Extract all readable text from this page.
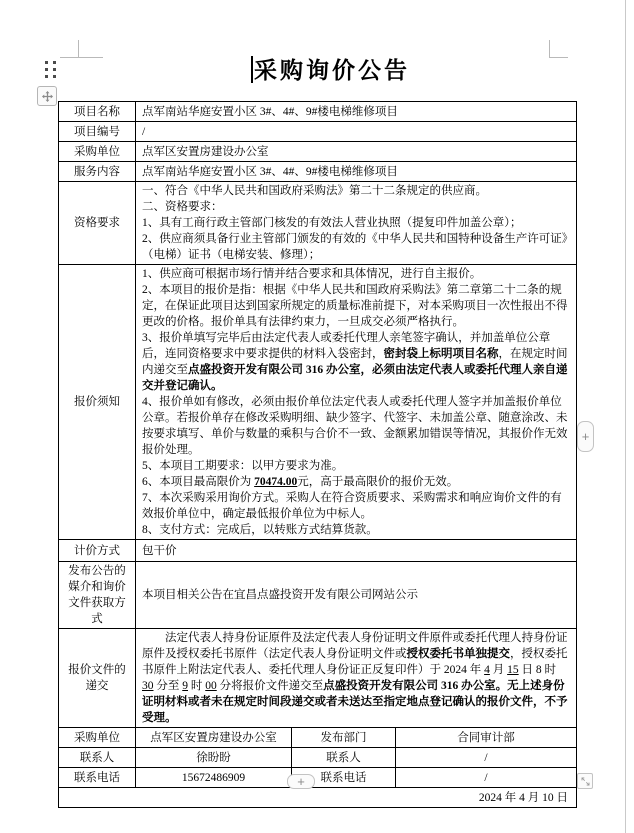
采购询价公告
项目名称	点军南站华庭安置小区 3#、4#、9#楼电梯维修项目		
项目编号	/		
采购单位	点军区安置房建设办公室		
服务内容	点军南站华庭安置小区 3#、4#、9#楼电梯维修项目		
资格要求	一、符合《中华人民共和国政府采购法》第二十二条规定的供应商。
二、资格要求：
1、具有工商行政主管部门核发的有效法人营业执照（提复印件加盖公章）；
2、供应商须具备行业主管部门颁发的有效的《中华人民共和国特种设备生产许可证》（电梯）证书（电梯安装、修理）；		

报价须知	
1、供应商可根据市场行情并结合要求和具体情况，进行自主报价。
2、本项目的报价是指：根据《中华人民共和国政府采购法》第二章第二十二条的规定，在保证此项目达到国家所规定的质量标准前提下，对本采购项目一次性报出不得更改的价格。报价单具有法律约束力，一旦成交必须严格执行。
3、报价单填写完毕后由法定代表人或委托代理人亲笔签字确认，并加盖单位公章后，连同资格要求中要求提供的材料入袋密封，密封袋上标明项目名称，在规定时间内递交至点盛投资开发有限公司 316 办公室，必须由法定代表人或委托代理人亲自递交并登记确认。
4、报价单如有修改，必须由报价单位法定代表人或委托代理人签字并加盖报价单位公章。若报价单存在修改采购明细、缺少签字、代签字、未加盖公章、随意涂改、未按要求填写、单价与数量的乘积与合价不一致、金额累加错误等情况，其报价作无效报价处理。
5、本项目工期要求：以甲方要求为准。
6、本项目最高限价为 70474.00元，高于最高限价的报价无效。
7、本次采购采用询价方式。采购人在符合资质要求、采购需求和响应询价文件的有效报价单位中，确定最低报价单位为中标人。
8、支付方式：完成后，以转账方式结算货款。

计价方式	包干价		
发布公告的媒介和询价文件获取方式	本项目相关公告在宜昌点盛投资开发有限公司网站公示		
报价文件的递交	法定代表人持身份证原件及法定代表人身份证明文件原件或委托代理人持身份证原件及授权委托书原件（法定代表人身份证明文件或授权委托书单独提交，授权委托书原件上附法定代表人、委托代理人身份证正反复印件）于 2024 年 4 月 15 日 8 时 30 分至 9 时 00 分将报价文件递交至点盛投资开发有限公司 316 办公室。无上述身份证明材料或者未在规定时间段递交或者未送达至指定地点登记确认的报价文件，不予受理。		

采购单位	点军区安置房建设办公室	发布部门	合同审计部
联系人	徐盼盼	联系人	/
联系电话	15672486909	联系电话	/
2024 年 4 月 10 日			
+
+
